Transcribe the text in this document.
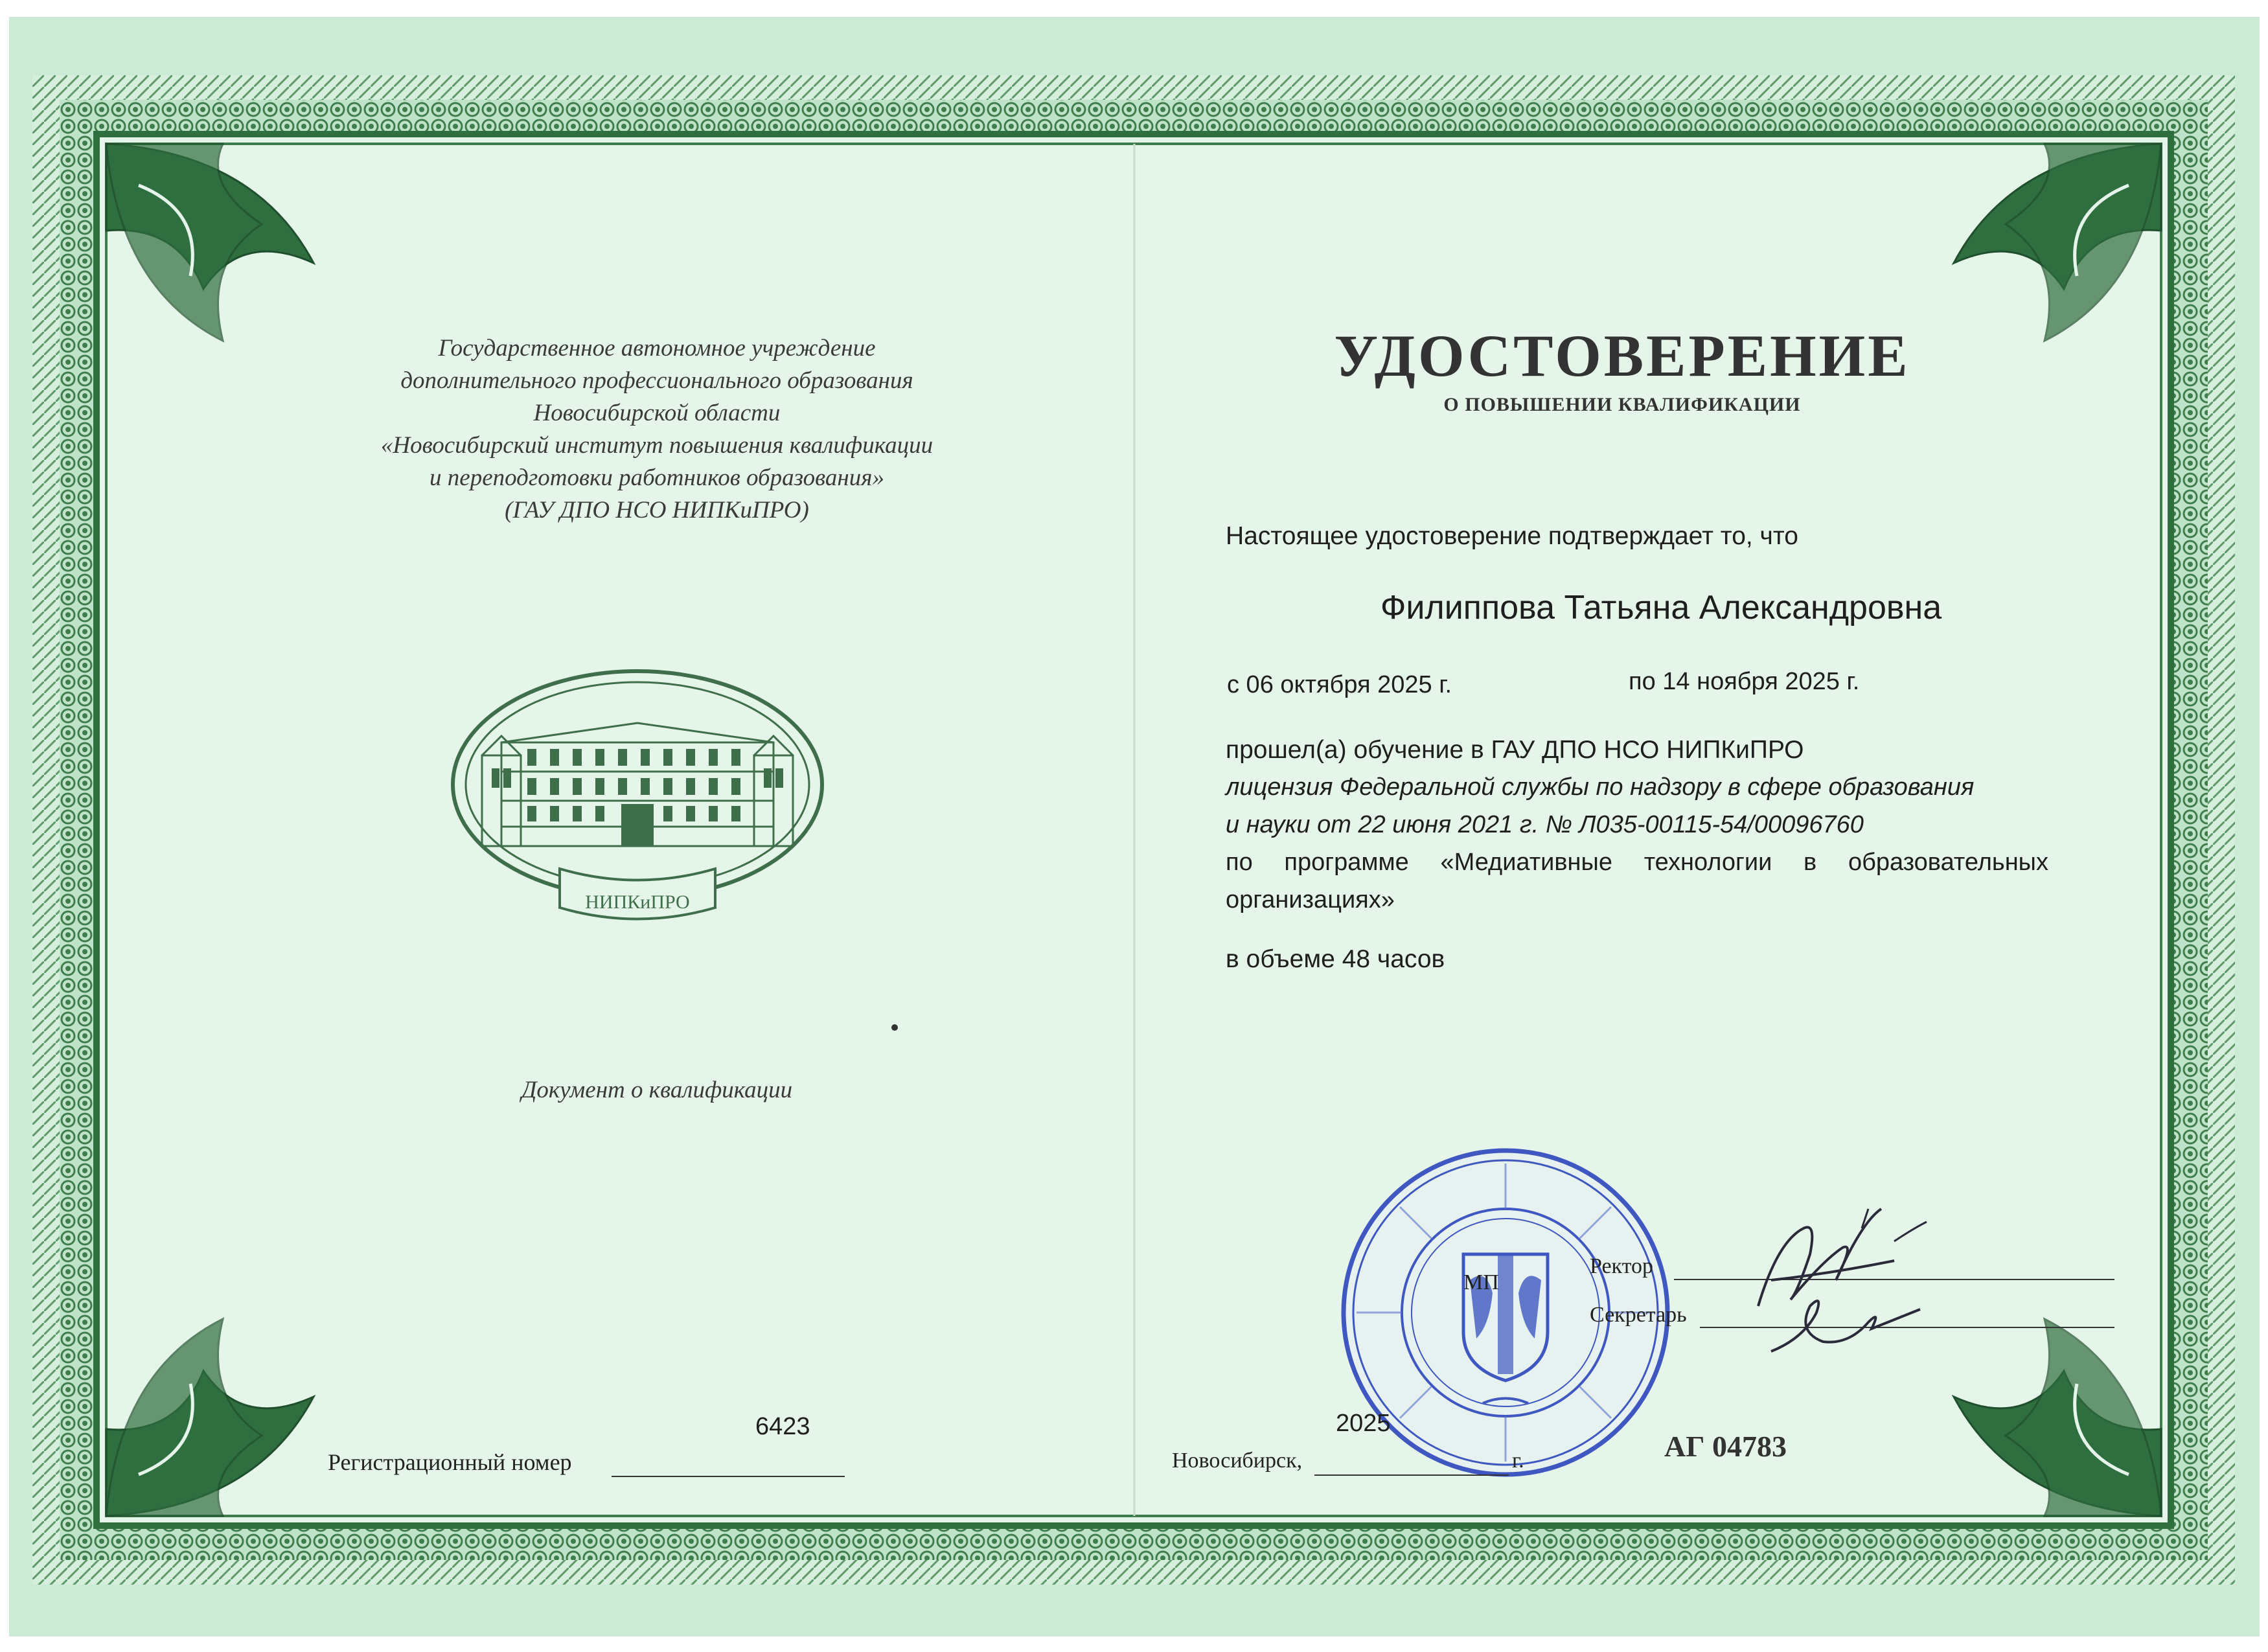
Государственное автономное учреждение
дополнительного профессионального образования
Новосибирской области
«Новосибирский институт повышения квалификации
и переподготовки работников образования»
(ГАУ ДПО НСО НИПКиПРО)
НИПКиПРО
Документ о квалификации
6423
Регистрационный номер
УДОСТОВЕРЕНИЕ
О ПОВЫШЕНИИ КВАЛИФИКАЦИИ
Настоящее удостоверение подтверждает то, что
Филиппова Татьяна Александровна
с 06 октября 2025 г.	по 14 ноября 2025 г.
прошел(а) обучение в ГАУ ДПО НСО НИПКиПРО
лицензия Федеральной службы по надзору в сфере образования
и науки от 22 июня 2021 г. № Л035-00115-54/00096760
по программе «Медиативные технологии в образовательных
организациях»
в объеме 48 часов
МП
Ректор
Секретарь
2025
Новосибирск,	г.	АГ 04783
